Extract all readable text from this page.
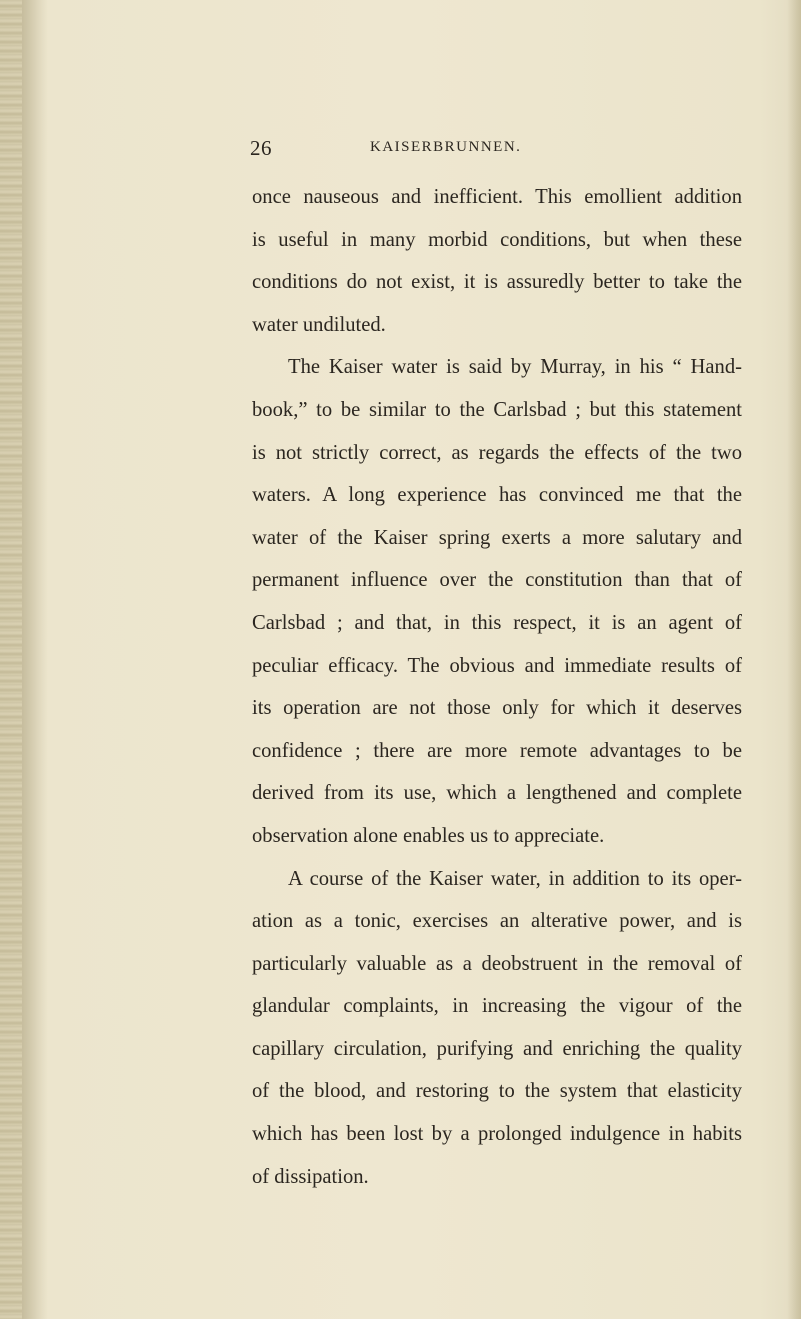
26	KAISERBRUNNEN.
once nauseous and inefficient. This emollient addition
is useful in many morbid conditions, but when these
conditions do not exist, it is assuredly better to take the
water undiluted.
The Kaiser water is said by Murray, in his “ Hand-
book,” to be similar to the Carlsbad ; but this statement
is not strictly correct, as regards the effects of the two
waters. A long experience has convinced me that the
water of the Kaiser spring exerts a more salutary and
permanent influence over the constitution than that of
Carlsbad ; and that, in this respect, it is an agent of
peculiar efficacy. The obvious and immediate results of
its operation are not those only for which it deserves
confidence ; there are more remote advantages to be
derived from its use, which a lengthened and complete
observation alone enables us to appreciate.
A course of the Kaiser water, in addition to its oper-
ation as a tonic, exercises an alterative power, and is
particularly valuable as a deobstruent in the removal of
glandular complaints, in increasing the vigour of the
capillary circulation, purifying and enriching the quality
of the blood, and restoring to the system that elasticity
which has been lost by a prolonged indulgence in habits
of dissipation.
